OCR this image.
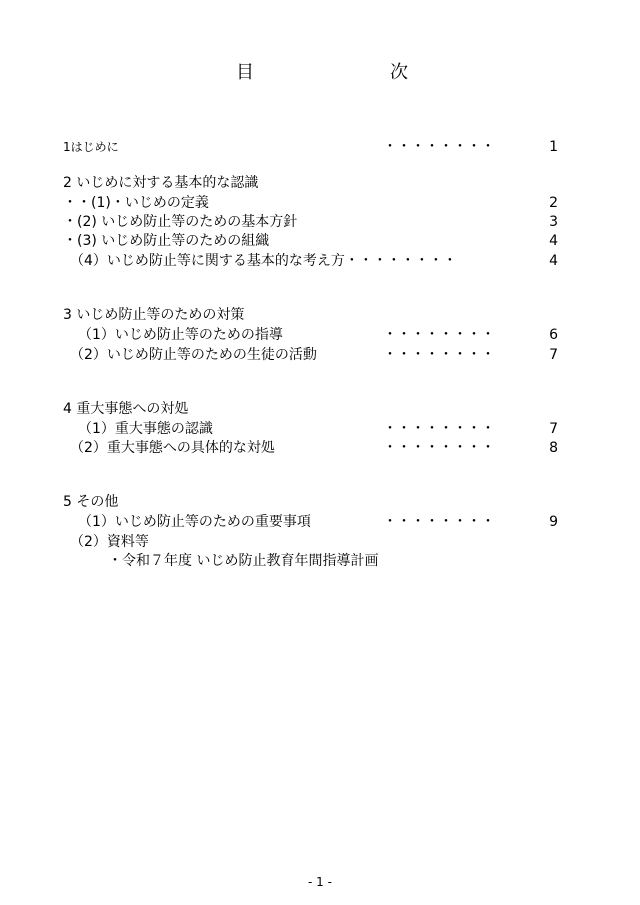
目	次
1はじめに	・・・・・・・・	1
2 いじめに対する基本的な認識
・・(1)・いじめの定義	2
・(2) いじめ防止等のための基本方針	3
・(3) いじめ防止等のための組織	4
（4）いじめ防止等に関する基本的な考え方・・・・・・・・	4
3 いじめ防止等のための対策
（1）いじめ防止等のための指導	・・・・・・・・	6
（2）いじめ防止等のための生徒の活動	・・・・・・・・	7
4 重大事態への対処
（1）重大事態の認識	・・・・・・・・	7
（2）重大事態への具体的な対処	・・・・・・・・	8
5 その他
（1）いじめ防止等のための重要事項	・・・・・・・・	9
（2）資料等
・令和７年度 いじめ防止教育年間指導計画
- 1 -
